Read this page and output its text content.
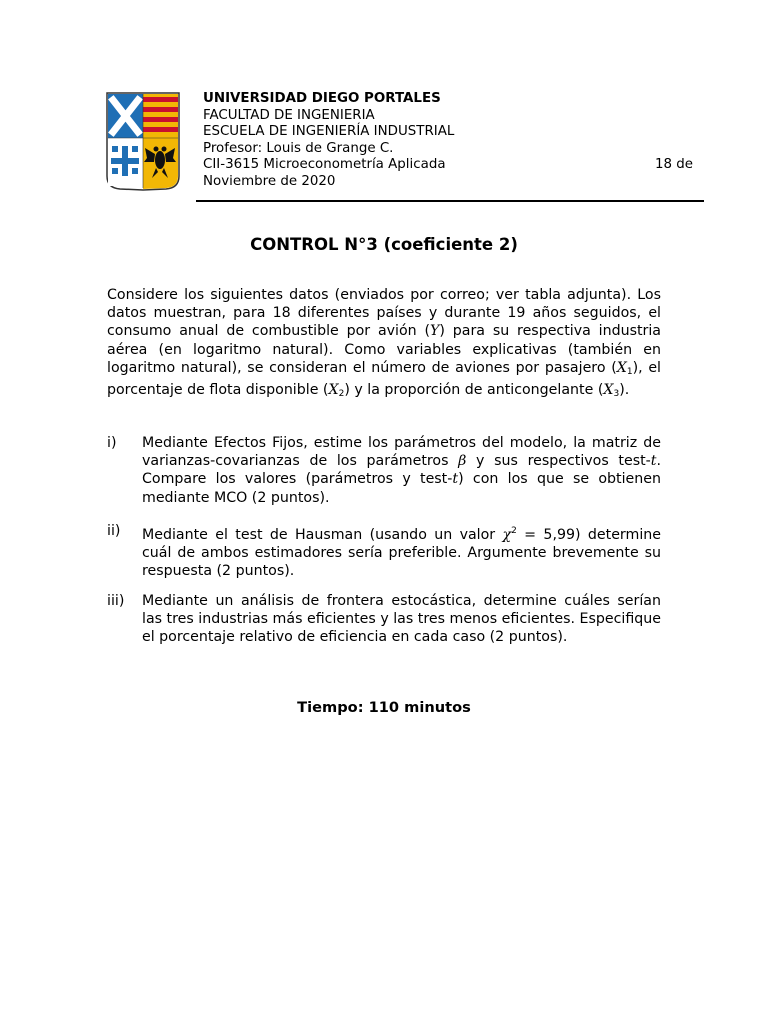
UNIVERSIDAD DIEGO PORTALES
FACULTAD DE INGENIERIA
ESCUELA DE INGENIERÍA INDUSTRIAL
Profesor: Louis de Grange C.
CII-3615 Microeconometría Aplicada	18 de
Noviembre de 2020
CONTROL N°3 (coeficiente 2)
Considere los siguientes datos (enviados por correo; ver tabla adjunta). Los datos muestran, para 18 diferentes países y durante 19 años seguidos, el consumo anual de combustible por avión (Y) para su respectiva industria aérea (en logaritmo natural). Como variables explicativas (también en logaritmo natural), se consideran el número de aviones por pasajero $(X_1)$, el porcentaje de flota disponible $(X_2)$ y la proporción de anticongelante $(X_3)$.
i)	Mediante Efectos Fijos, estime los parámetros del modelo, la matriz de varianzas-covarianzas de los parámetros β y sus respectivos test-t. Compare los valores (parámetros y test-t) con los que se obtienen mediante MCO (2 puntos).
ii)	Mediante el test de Hausman (usando un valor $\chi^2 = 5,99$) determine cuál de ambos estimadores sería preferible. Argumente brevemente su respuesta (2 puntos).
iii)	Mediante un análisis de frontera estocástica, determine cuáles serían las tres industrias más eficientes y las tres menos eficientes. Especifique el porcentaje relativo de eficiencia en cada caso (2 puntos).
Tiempo: 110 minutos
